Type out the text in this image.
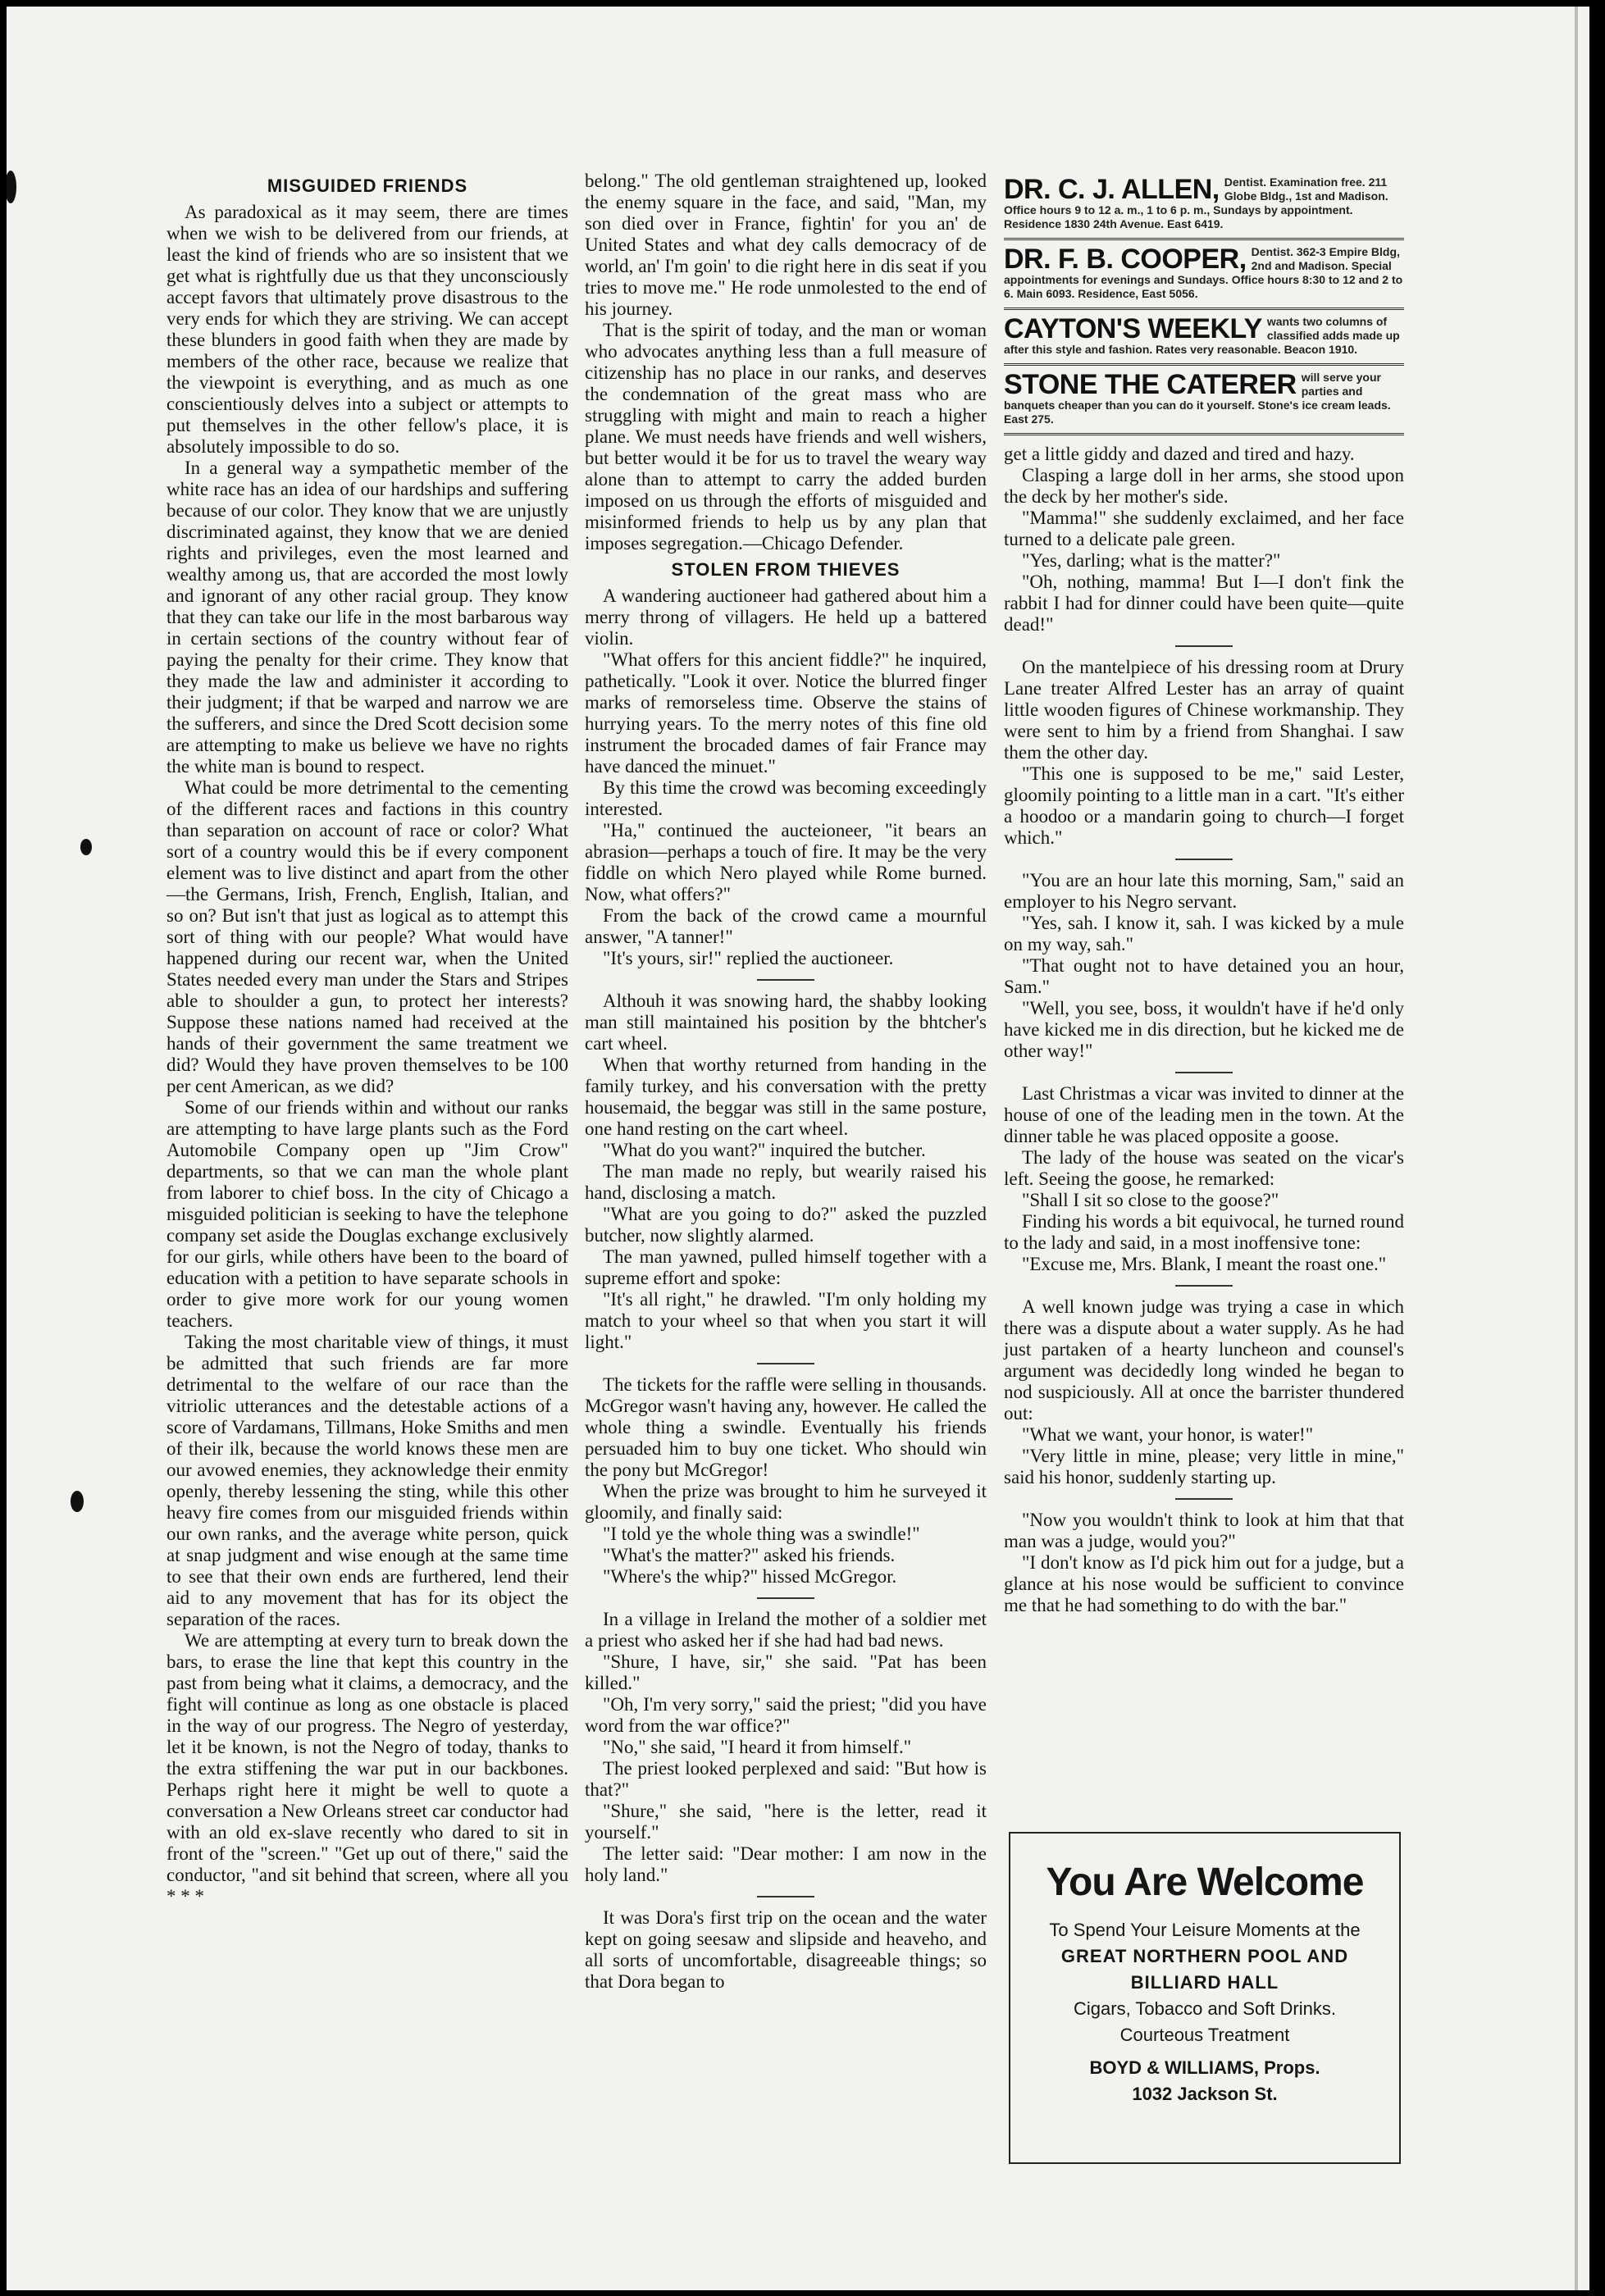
MISGUIDED FRIENDS

As paradoxical as it may seem, there are times when we wish to be delivered from our friends, at least the kind of friends who are so insistent that we get what is rightfully due us that they unconsciously accept favors that ultimately prove disastrous to the very ends for which they are striving. We can accept these blunders in good faith when they are made by members of the other race, because we realize that the viewpoint is everything, and as much as one conscientiously delves into a subject or attempts to put themselves in the other fellow's place, it is absolutely impossible to do so.

In a general way a sympathetic member of the white race has an idea of our hardships and suffering because of our color. They know that we are unjustly discriminated against, they know that we are denied rights and privileges, even the most learned and wealthy among us, that are accorded the most lowly and ignorant of any other racial group. They know that they can take our life in the most barbarous way in certain sections of the country without fear of paying the penalty for their crime. They know that they made the law and administer it according to their judgment; if that be warped and narrow we are the sufferers, and since the Dred Scott decision some are attempting to make us believe we have no rights the white man is bound to respect.

What could be more detrimental to the cementing of the different races and factions in this country than separation on account of race or color? What sort of a country would this be if every component element was to live distinct and apart from the other—the Germans, Irish, French, English, Italian, and so on? But isn't that just as logical as to attempt this sort of thing with our people? What would have happened during our recent war, when the United States needed every man under the Stars and Stripes able to shoulder a gun, to protect her interests? Suppose these nations named had received at the hands of their government the same treatment we did? Would they have proven themselves to be 100 per cent American, as we did?

Some of our friends within and without our ranks are attempting to have large plants such as the Ford Automobile Company open up "Jim Crow" departments, so that we can man the whole plant from laborer to chief boss. In the city of Chicago a misguided politician is seeking to have the telephone company set aside the Douglas exchange exclusively for our girls, while others have been to the board of education with a petition to have separate schools in order to give more work for our young women teachers.

Taking the most charitable view of things, it must be admitted that such friends are far more detrimental to the welfare of our race than the vitriolic utterances and the detestable actions of a score of Vardamans, Tillmans, Hoke Smiths and men of their ilk, because the world knows these men are our avowed enemies, they acknowledge their enmity openly, thereby lessening the sting, while this other heavy fire comes from our misguided friends within our own ranks, and the average white person, quick at snap judgment and wise enough at the same time to see that their own ends are furthered, lend their aid to any movement that has for its object the separation of the races.

We are attempting at every turn to break down the bars, to erase the line that kept this country in the past from being what it claims, a democracy, and the fight will continue as long as one obstacle is placed in the way of our progress. The Negro of yesterday, let it be known, is not the Negro of today, thanks to the extra stiffening the war put in our backbones. Perhaps right here it might be well to quote a conversation a New Orleans street car conductor had with an old ex-slave recently who dared to sit in front of the "screen." "Get up out of there," said the conductor, "and sit behind that screen, where all you * * *

belong." The old gentleman straightened up, looked the enemy square in the face, and said, "Man, my son died over in France, fightin' for you an' de United States and what dey calls democracy of de world, an' I'm goin' to die right here in dis seat if you tries to move me." He rode unmolested to the end of his journey.

That is the spirit of today, and the man or woman who advocates anything less than a full measure of citizenship has no place in our ranks, and deserves the condemnation of the great mass who are struggling with might and main to reach a higher plane. We must needs have friends and well wishers, but better would it be for us to travel the weary way alone than to attempt to carry the added burden imposed on us through the efforts of misguided and misinformed friends to help us by any plan that imposes segregation.—Chicago Defender.

STOLEN FROM THIEVES

A wandering auctioneer had gathered about him a merry throng of villagers. He held up a battered violin.

"What offers for this ancient fiddle?" he inquired, pathetically. "Look it over. Notice the blurred finger marks of remorseless time. Observe the stains of hurrying years. To the merry notes of this fine old instrument the brocaded dames of fair France may have danced the minuet."

By this time the crowd was becoming exceedingly interested.

"Ha," continued the aucteioneer, "it bears an abrasion—perhaps a touch of fire. It may be the very fiddle on which Nero played while Rome burned. Now, what offers?"

From the back of the crowd came a mournful answer, "A tanner!"

"It's yours, sir!" replied the auctioneer.

Althouh it was snowing hard, the shabby looking man still maintained his position by the bhtcher's cart wheel.

When that worthy returned from handing in the family turkey, and his conversation with the pretty housemaid, the beggar was still in the same posture, one hand resting on the cart wheel.

"What do you want?" inquired the butcher.

The man made no reply, but wearily raised his hand, disclosing a match.

"What are you going to do?" asked the puzzled butcher, now slightly alarmed.

The man yawned, pulled himself together with a supreme effort and spoke:

"It's all right," he drawled. "I'm only holding my match to your wheel so that when you start it will light."

The tickets for the raffle were selling in thousands. McGregor wasn't having any, however. He called the whole thing a swindle. Eventually his friends persuaded him to buy one ticket. Who should win the pony but McGregor!

When the prize was brought to him he surveyed it gloomily, and finally said:

"I told ye the whole thing was a swindle!"

"What's the matter?" asked his friends.

"Where's the whip?" hissed McGregor.

In a village in Ireland the mother of a soldier met a priest who asked her if she had had bad news.

"Shure, I have, sir," she said. "Pat has been killed."

"Oh, I'm very sorry," said the priest; "did you have word from the war office?"

"No," she said, "I heard it from himself."

The priest looked perplexed and said: "But how is that?"

"Shure," she said, "here is the letter, read it yourself."

The letter said: "Dear mother: I am now in the holy land."

It was Dora's first trip on the ocean and the water kept on going seesaw and slipside and heaveho, and all sorts of uncomfortable, disagreeable things; so that Dora began to

DR. C. J. ALLEN, Dentist. Examination free. 211 Globe Bldg., 1st and Madison. Office hours 9 to 12 a. m., 1 to 6 p. m., Sundays by appointment. Residence 1830 24th Avenue. East 6419.
DR. F. B. COOPER, Dentist. 362-3 Empire Bldg, 2nd and Madison. Special appointments for evenings and Sundays. Office hours 8:30 to 12 and 2 to 6. Main 6093. Residence, East 5056.
CAYTON'S WEEKLY wants two columns of classified adds made up after this style and fashion. Rates very reasonable. Beacon 1910.
STONE THE CATERER will serve your parties and banquets cheaper than you can do it yourself. Stone's ice cream leads. East 275.

get a little giddy and dazed and tired and hazy.

Clasping a large doll in her arms, she stood upon the deck by her mother's side.

"Mamma!" she suddenly exclaimed, and her face turned to a delicate pale green.

"Yes, darling; what is the matter?"

"Oh, nothing, mamma! But I—I don't fink the rabbit I had for dinner could have been quite—quite dead!"

On the mantelpiece of his dressing room at Drury Lane treater Alfred Lester has an array of quaint little wooden figures of Chinese workmanship. They were sent to him by a friend from Shanghai. I saw them the other day.

"This one is supposed to be me," said Lester, gloomily pointing to a little man in a cart. "It's either a hoodoo or a mandarin going to church—I forget which."

"You are an hour late this morning, Sam," said an employer to his Negro servant.

"Yes, sah. I know it, sah. I was kicked by a mule on my way, sah."

"That ought not to have detained you an hour, Sam."

"Well, you see, boss, it wouldn't have if he'd only have kicked me in dis direction, but he kicked me de other way!"

Last Christmas a vicar was invited to dinner at the house of one of the leading men in the town. At the dinner table he was placed opposite a goose.

The lady of the house was seated on the vicar's left. Seeing the goose, he remarked:

"Shall I sit so close to the goose?"

Finding his words a bit equivocal, he turned round to the lady and said, in a most inoffensive tone:

"Excuse me, Mrs. Blank, I meant the roast one."

A well known judge was trying a case in which there was a dispute about a water supply. As he had just partaken of a hearty luncheon and counsel's argument was decidedly long winded he began to nod suspiciously. All at once the barrister thundered out:

"What we want, your honor, is water!"

"Very little in mine, please; very little in mine," said his honor, suddenly starting up.

"Now you wouldn't think to look at him that that man was a judge, would you?"

"I don't know as I'd pick him out for a judge, but a glance at his nose would be sufficient to convince me that he had something to do with the bar."

You Are Welcome
To Spend Your Leisure Moments at the
GREAT NORTHERN POOL AND
BILLIARD HALL
Cigars, Tobacco and Soft Drinks.
Courteous Treatment
BOYD & WILLIAMS, Props.
1032 Jackson St.
